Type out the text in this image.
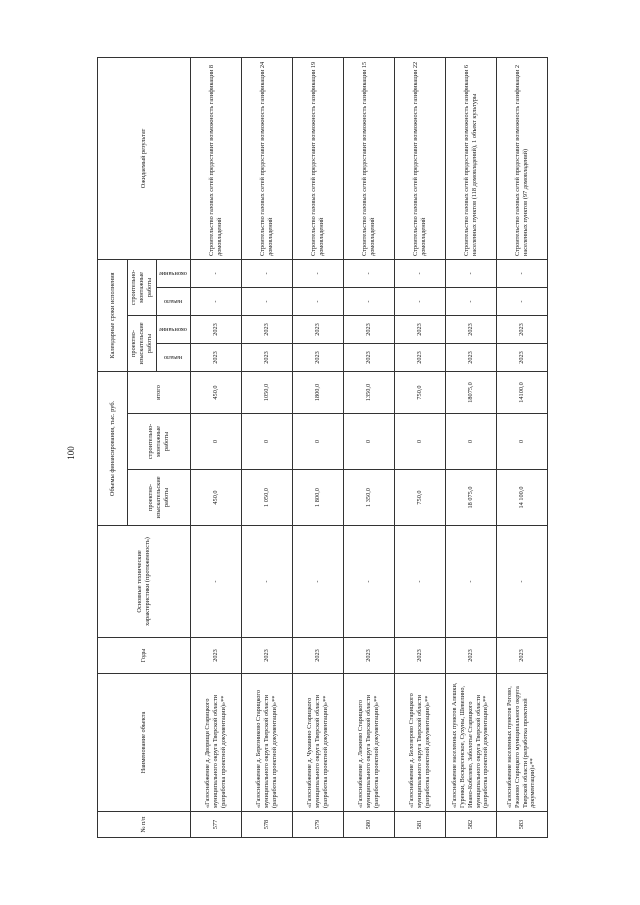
100
№ п/п	Наименование объекта	Годы	Основные технические характеристики (протяженность)	Объемы финансирования, тыс. руб.			Календарные сроки исполнения				Ожидаемый результат
				проектно-изыскательские работы	строительно-монтажные работы	итого	проектно-изыскательские работы		строительно-монтажные работы		

							начало	окончание	начало	окончание	

577	«Газоснабжение д. Дворищи Старицкого муниципального округа Тверской области (разработка проектной документации)»**	2023	-	450,0	0	450,0	2023	2023	-	-	Строительство газовых сетей предоставит возможность газификации 8 домовладений
578	«Газоснабжение д. Березниково Старицкого муниципального округа Тверской области (разработка проектной документации)»**	2023	-	1 050,0	0	1050,0	2023	2023	-	-	Строительство газовых сетей предоставит возможность газификации 24 домовладений
579	«Газоснабжение д. Чукавино Старицкого муниципального округа Тверской области (разработка проектной документации)»**	2023	-	1 800,0	0	1800,0	2023	2023	-	-	Строительство газовых сетей предоставит возможность газификации 19 домовладений
580	«Газоснабжение д. Лежнево Старицкого муниципального округа Тверской области (разработка проектной документации)»**	2023	-	1 350,0	0	1350,0	2023	2023	-	-	Строительство газовых сетей предоставит возможность газификации 15 домовладений
581	«Газоснабжение д. Белозерово Старицкого муниципального округа Тверской области (разработка проектной документации)»**	2023	-	750,0	0	750,0	2023	2023	-	-	Строительство газовых сетей предоставит возможность газификации 22 домовладений
582	«Газоснабжение населенных пунктов Алешки, Гуренки, Воскресенское, Сухуны, Шевелино, Ивано-Кобелево, Заболотье Старицкого муниципального округа Тверской области (разработка проектной документации)»**	2023	-	18 075,0	0	18075,0	2023	2023	-	-	Строительство газовых сетей предоставит возможность газификации 6 населенных пунктов (118 домовладений), 1 объект культуры
583	«Газоснабжение населенных пунктов Рогово, Ржаново Старицкого муниципального округа Тверской области (разработка проектной документации)»**	2023	-	14 100,0	0	14100,0	2023	2023	-	-	Строительство газовых сетей предоставит возможность газификации 2 населенных пунктов (97 домовладений)
